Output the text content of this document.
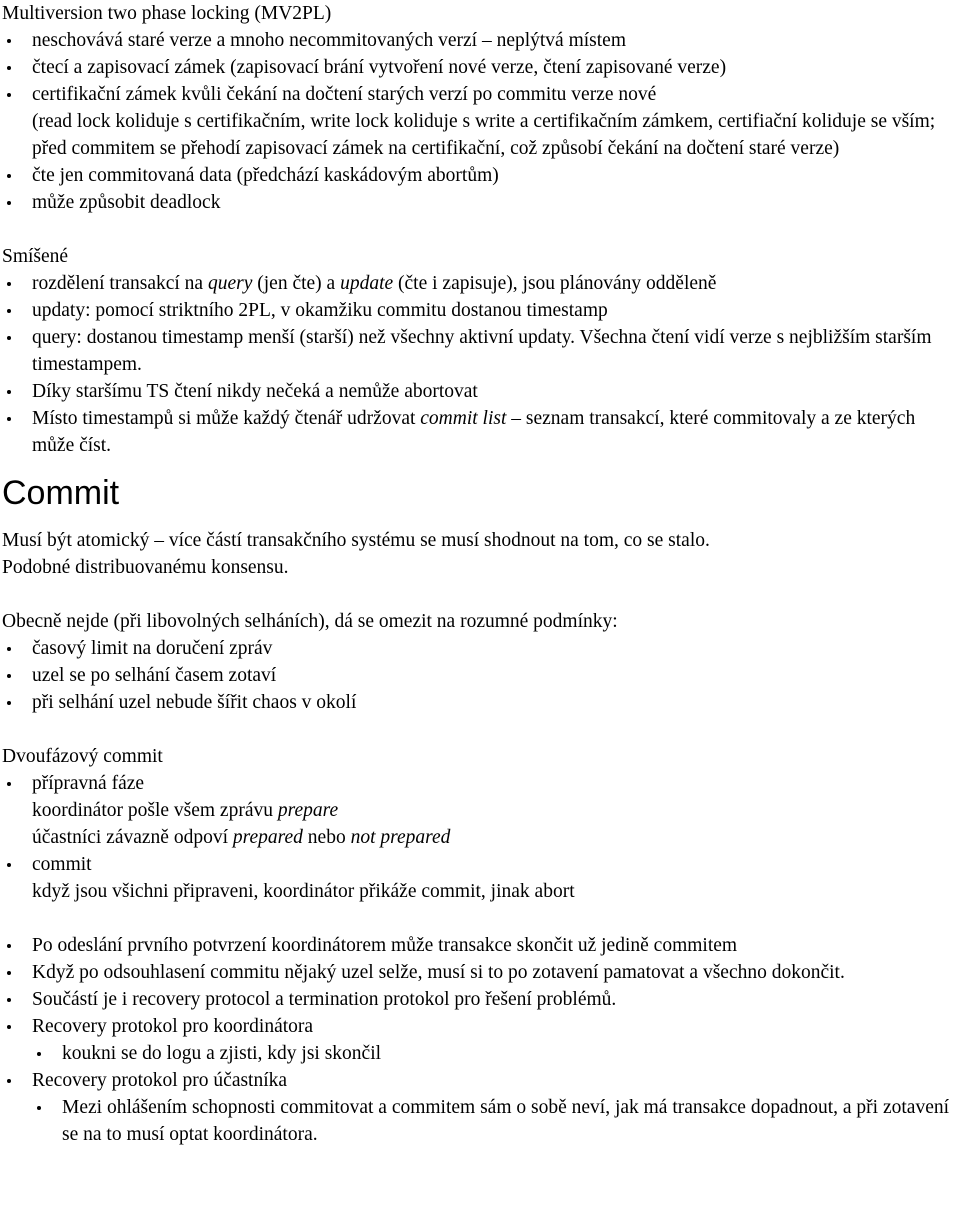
Multiversion two phase locking (MV2PL)

neschovává staré verze a mnoho necommitovaných verzí – neplýtvá místem

čtecí a zapisovací zámek (zapisovací brání vytvoření nové verze, čtení zapisované verze)

certifikační zámek kvůli čekání na dočtení starých verzí po commitu verze nové

(read lock koliduje s certifikačním, write lock koliduje s write a certifikačním zámkem, certifiační koliduje se vším; před commitem se přehodí zapisovací zámek na certifikační, což způsobí čekání na dočtení staré verze)

čte jen commitovaná data (předchází kaskádovým abortům)

může způsobit deadlock

Smíšené

rozdělení transakcí na query (jen čte) a update (čte i zapisuje), jsou plánovány odděleně

updaty: pomocí striktního 2PL, v okamžiku commitu dostanou timestamp

query: dostanou timestamp menší (starší) než všechny aktivní updaty. Všechna čtení vidí verze s nejbližším starším timestampem.

Díky staršímu TS čtení nikdy nečeká a nemůže abortovat

Místo timestampů si může každý čtenář udržovat commit list – seznam transakcí, které commitovaly a ze kterých může číst.

Commit

Musí být atomický – více částí transakčního systému se musí shodnout na tom, co se stalo.

Podobné distribuovanému konsensu.

Obecně nejde (při libovolných selháních), dá se omezit na rozumné podmínky:

časový limit na doručení zpráv

uzel se po selhání časem zotaví

při selhání uzel nebude šířit chaos v okolí

Dvoufázový commit

přípravná fáze

koordinátor pošle všem zprávu prepare

účastníci závazně odpoví prepared nebo not prepared

commit

když jsou všichni připraveni, koordinátor přikáže commit, jinak abort

Po odeslání prvního potvrzení koordinátorem může transakce skončit už jedině commitem

Když po odsouhlasení commitu nějaký uzel selže, musí si to po zotavení pamatovat a všechno dokončit.

Součástí je i recovery protocol a termination protokol pro řešení problémů.

Recovery protokol pro koordinátora

koukni se do logu a zjisti, kdy jsi skončil

Recovery protokol pro účastníka

Mezi ohlášením schopnosti commitovat a commitem sám o sobě neví, jak má transakce dopadnout, a při zotavení se na to musí optat koordinátora.
